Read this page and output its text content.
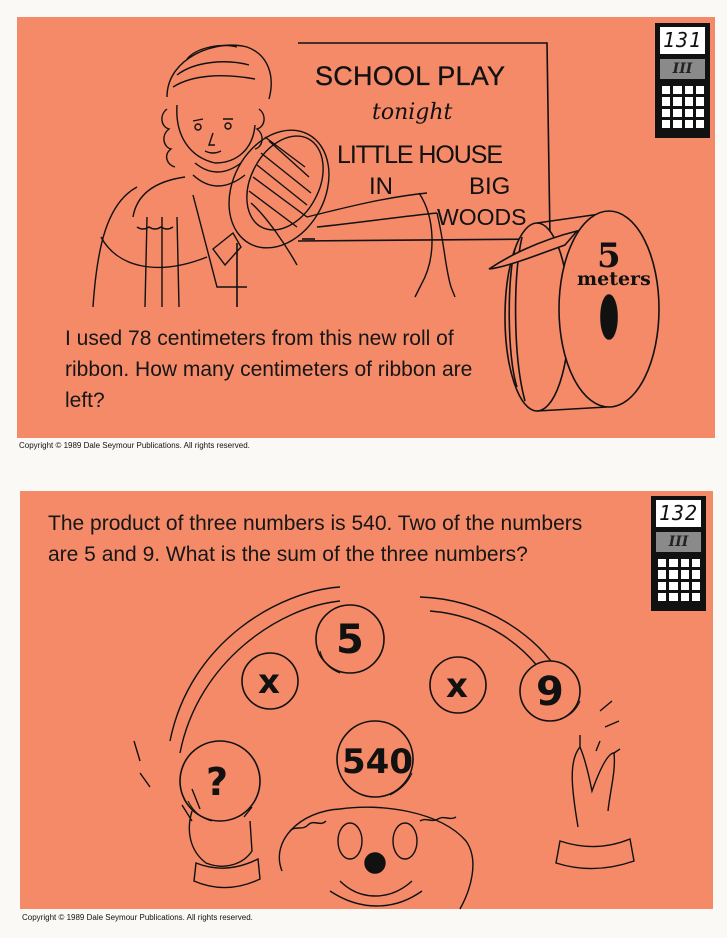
SCHOOL PLAY
tonight
LITTLE HOUSE
IN	BIG
WOODS
5
meters

I used 78 centimeters from this new roll of ribbon. How many centimeters of ribbon are left?

131
III
Copyright © 1989 Dale Seymour Publications. All rights reserved.

The product of three numbers is 540. Two of the numbers are 5 and 9. What is the sum of the three numbers?

5
x	x 9
540
?
132
III
Copyright © 1989 Dale Seymour Publications. All rights reserved.
